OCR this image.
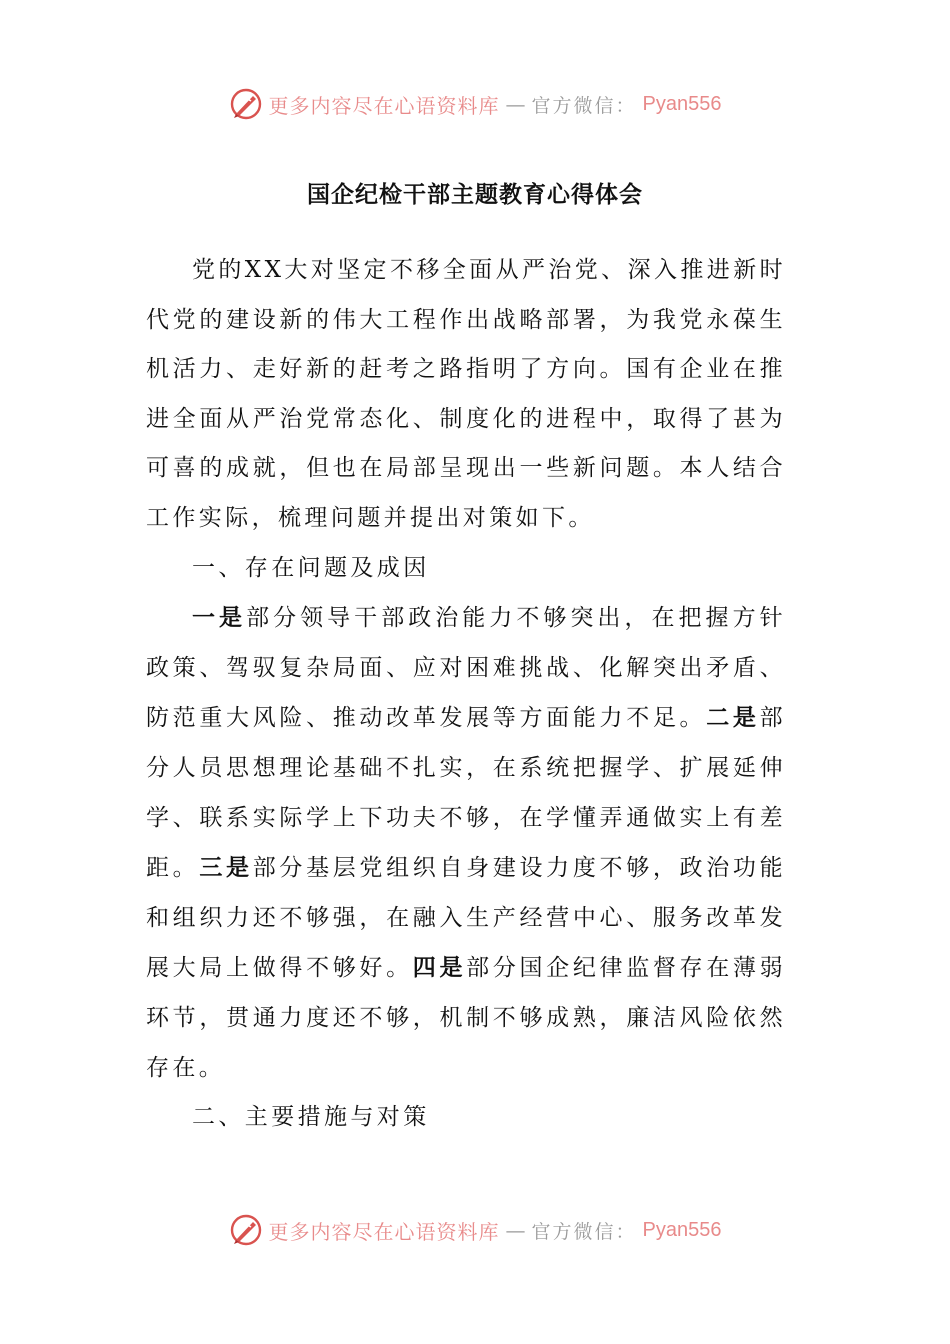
更多内容尽在心语资料库 — 官方微信： Pyan556
国企纪检干部主题教育心得体会

党的XX大对坚定不移全面从严治党、深入推进新时代党的建设新的伟大工程作出战略部署，为我党永葆生机活力、走好新的赶考之路指明了方向。国有企业在推进全面从严治党常态化、制度化的进程中，取得了甚为可喜的成就，但也在局部呈现出一些新问题。本人结合工作实际，梳理问题并提出对策如下。

一、存在问题及成因

一是部分领导干部政治能力不够突出，在把握方针政策、驾驭复杂局面、应对困难挑战、化解突出矛盾、防范重大风险、推动改革发展等方面能力不足。二是部分人员思想理论基础不扎实，在系统把握学、扩展延伸学、联系实际学上下功夫不够，在学懂弄通做实上有差距。三是部分基层党组织自身建设力度不够，政治功能和组织力还不够强，在融入生产经营中心、服务改革发展大局上做得不够好。四是部分国企纪律监督存在薄弱环节，贯通力度还不够，机制不够成熟，廉洁风险依然存在。

二、主要措施与对策

更多内容尽在心语资料库 — 官方微信： Pyan556
